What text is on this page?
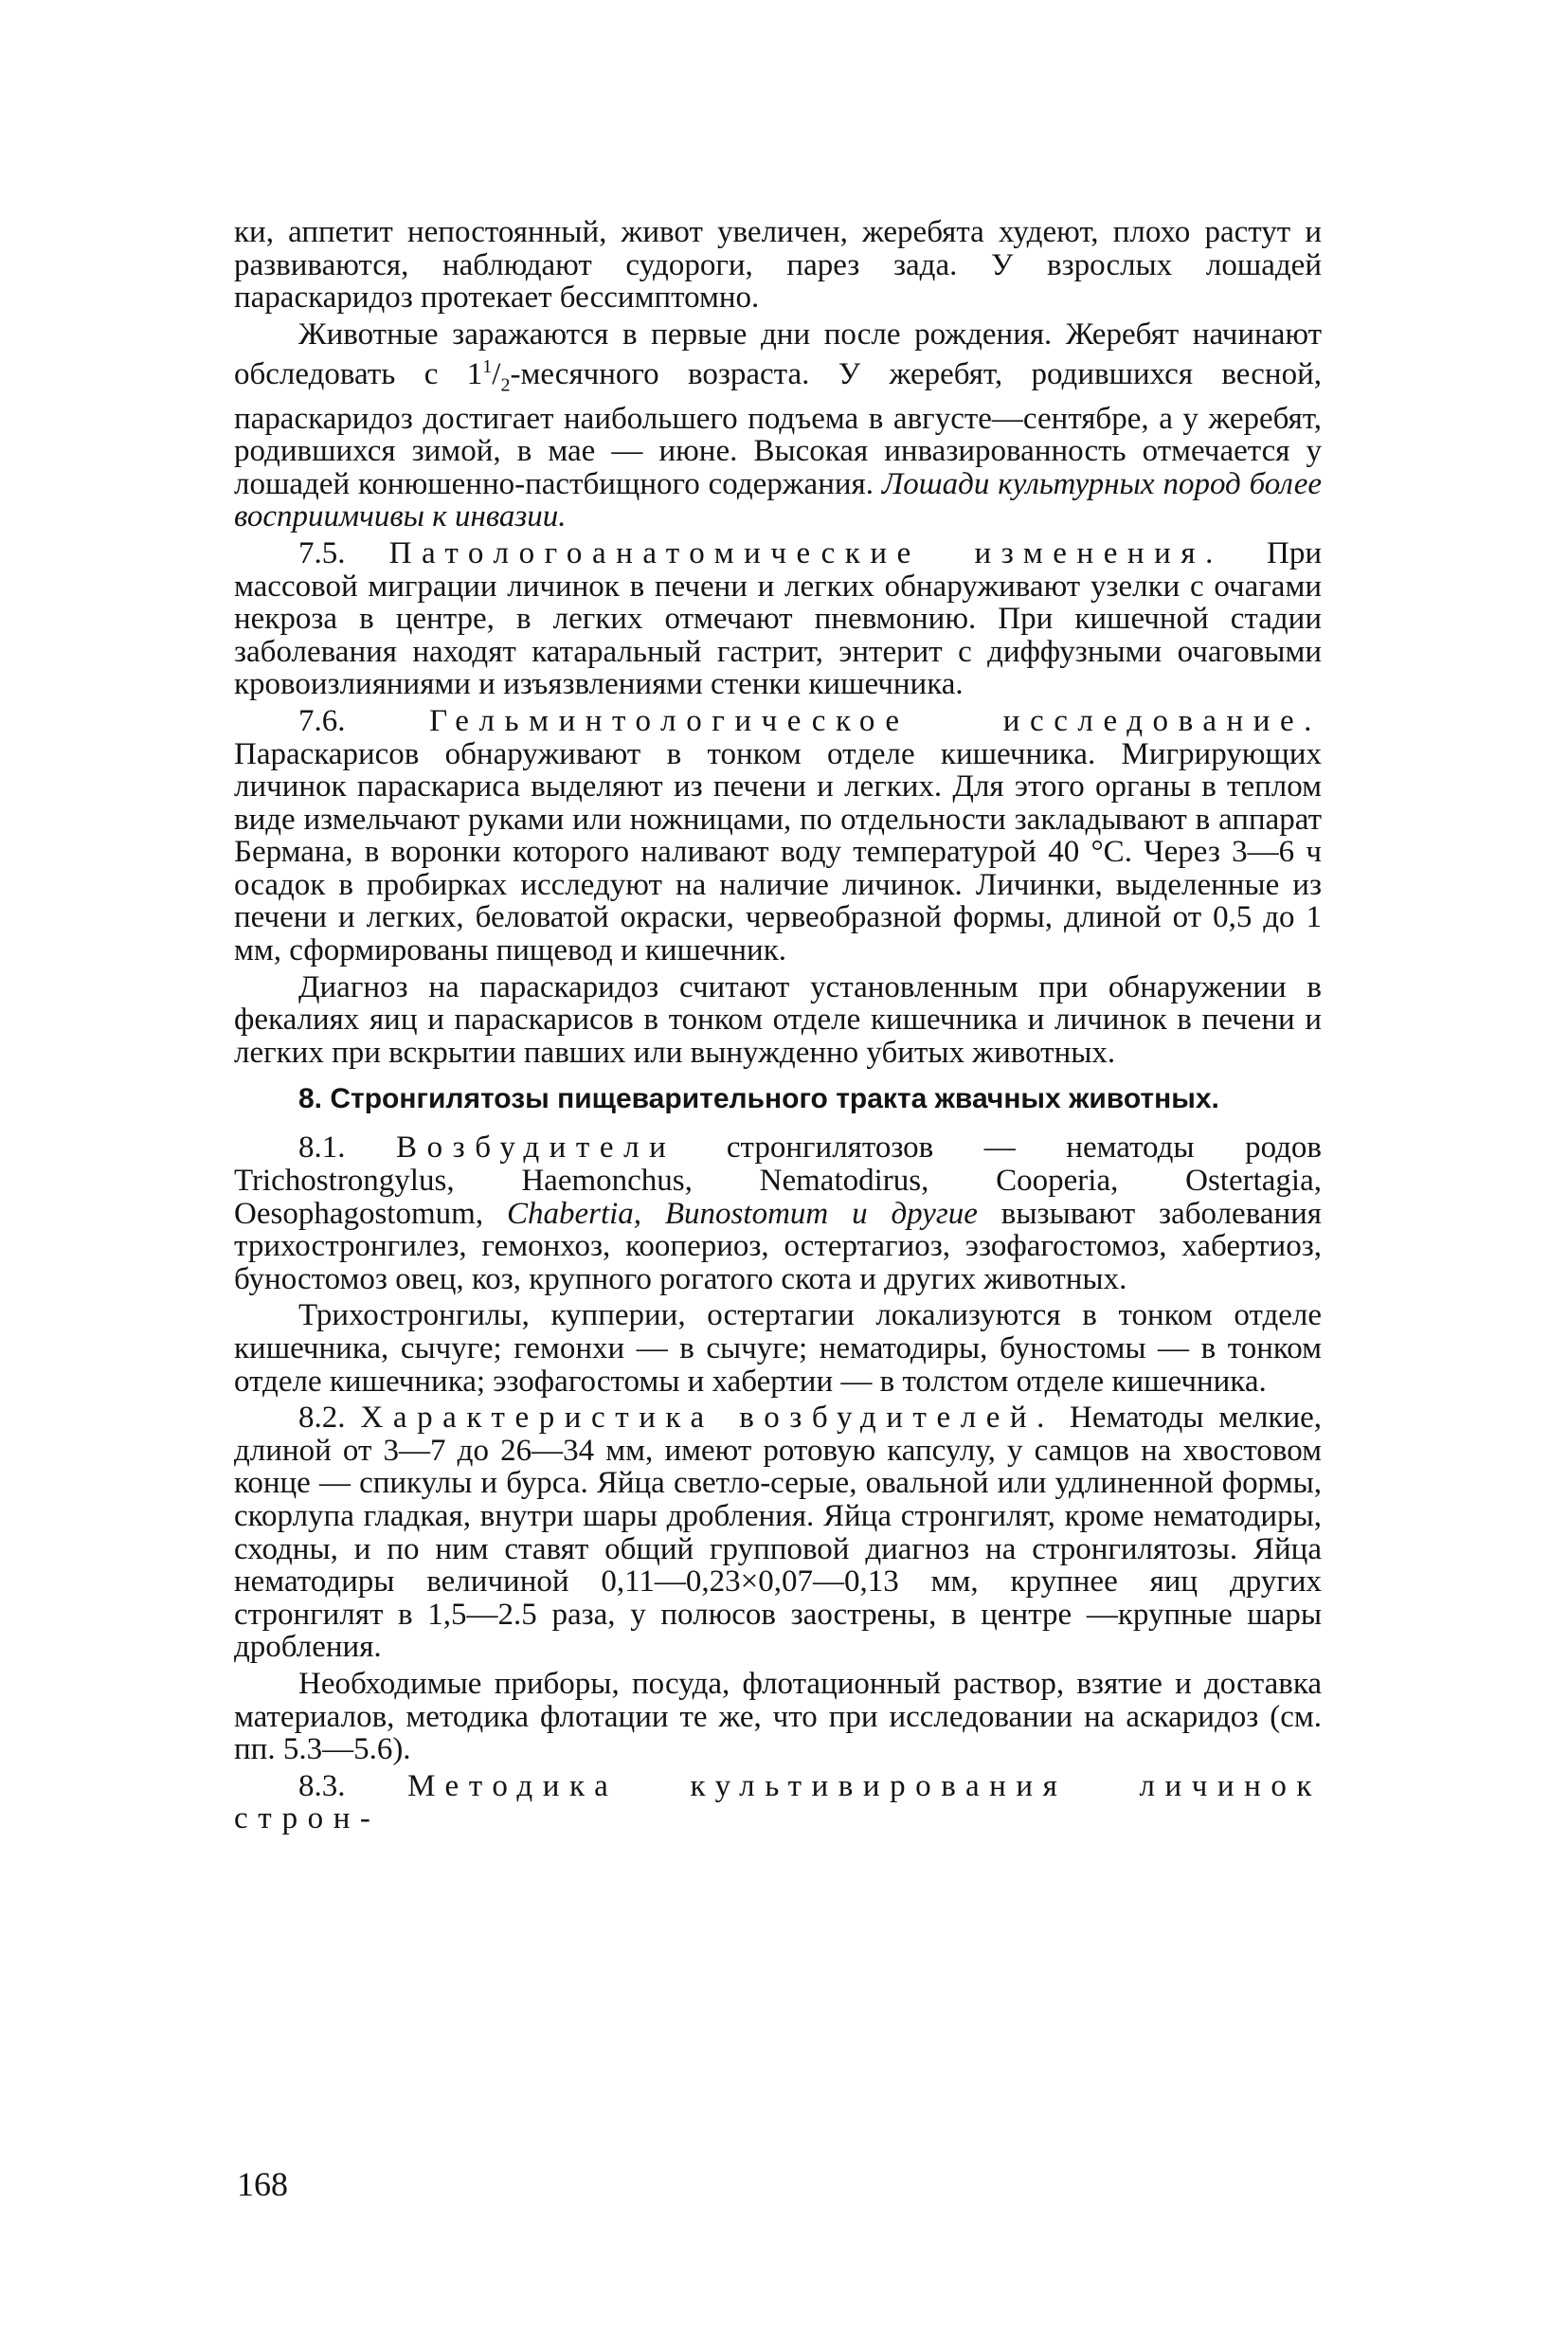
ки, аппетит непостоянный, живот увеличен, жеребята худеют, плохо растут и развиваются, наблюдают судороги, парез зада. У взрослых лошадей параскаридоз протекает бессимптомно.

Животные заражаются в первые дни после рождения. Жеребят начинают обследовать с $1^1/_2$-месячного возраста. У жеребят, родившихся весной, параскаридоз достигает наибольшего подъема в августе—сентябре, а у жеребят, родившихся зимой, в мае — июне. Высокая инвазированность отмечается у лошадей конюшенно-пастбищного содержания. Лошади культурных пород более восприимчивы к инвазии.

7.5. Патологоанатомические изменения. При массовой миграции личинок в печени и легких обнаруживают узелки с очагами некроза в центре, в легких отмечают пневмонию. При кишечной стадии заболевания находят катаральный гастрит, энтерит с диффузными очаговыми кровоизлияниями и изъязвлениями стенки кишечника.

7.6.	Гельминтологическое исследование. Параскарисов обнаруживают в тонком отделе кишечника. Мигрирующих личинок параскариса выделяют из печени и легких. Для этого органы в теплом виде измельчают руками или ножницами, по отдельности закладывают в аппарат Бермана, в воронки которого наливают воду температурой 40 °С. Через 3—6 ч осадок в пробирках исследуют на наличие личинок. Личинки, выделенные из печени и легких, беловатой окраски, червеобразной формы, длиной от 0,5 до 1 мм, сформированы пищевод и кишечник.

Диагноз на параскаридоз считают установленным при обнаружении в фекалиях яиц и параскарисов в тонком отделе кишечника и личинок в печени и легких при вскрытии павших или вынужденно убитых животных.

8. Стронгилятозы пищеварительного тракта жвачных животных.

8.1. Возбудители стронгилятозов — нематоды родов Trichostrongylus, Haemonchus, Nematodirus, Cooperia, Ostertagia, Oesophagostomum, Chabertia, Bunostomum и другие вызывают заболевания трихостронгилез, гемонхоз, коопериоз, остертагиоз, эзофагостомоз, хабертиоз, буностомоз овец, коз, крупного рогатого скота и других животных.

Трихостронгилы, купперии, остертагии локализуются в тонком отделе кишечника, сычуге; гемонхи — в сычуге; нематодиры, буностомы — в тонком отделе кишечника; эзофагостомы и хабертии — в толстом отделе кишечника.

8.2. Характеристика возбудителей. Нематоды мелкие, длиной от 3—7 до 26—34 мм, имеют ротовую капсулу, у самцов на хвостовом конце — спикулы и бурса. Яйца светло-серые, овальной или удлиненной формы, скорлупа гладкая, внутри шары дробления. Яйца стронгилят, кроме нематодиры, сходны, и по ним ставят общий групповой диагноз на стронгилятозы. Яйца нематодиры величиной 0,11—0,23×0,07—0,13 мм, крупнее яиц других стронгилят в 1,5—2.5 раза, у полюсов заострены, в центре —крупные шары дробления.

Необходимые приборы, посуда, флотационный раствор, взятие и доставка материалов, методика флотации те же, что при исследовании на аскаридоз (см. пп. 5.3—5.6).

8.3. Методика культивирования личинок строн-

168
